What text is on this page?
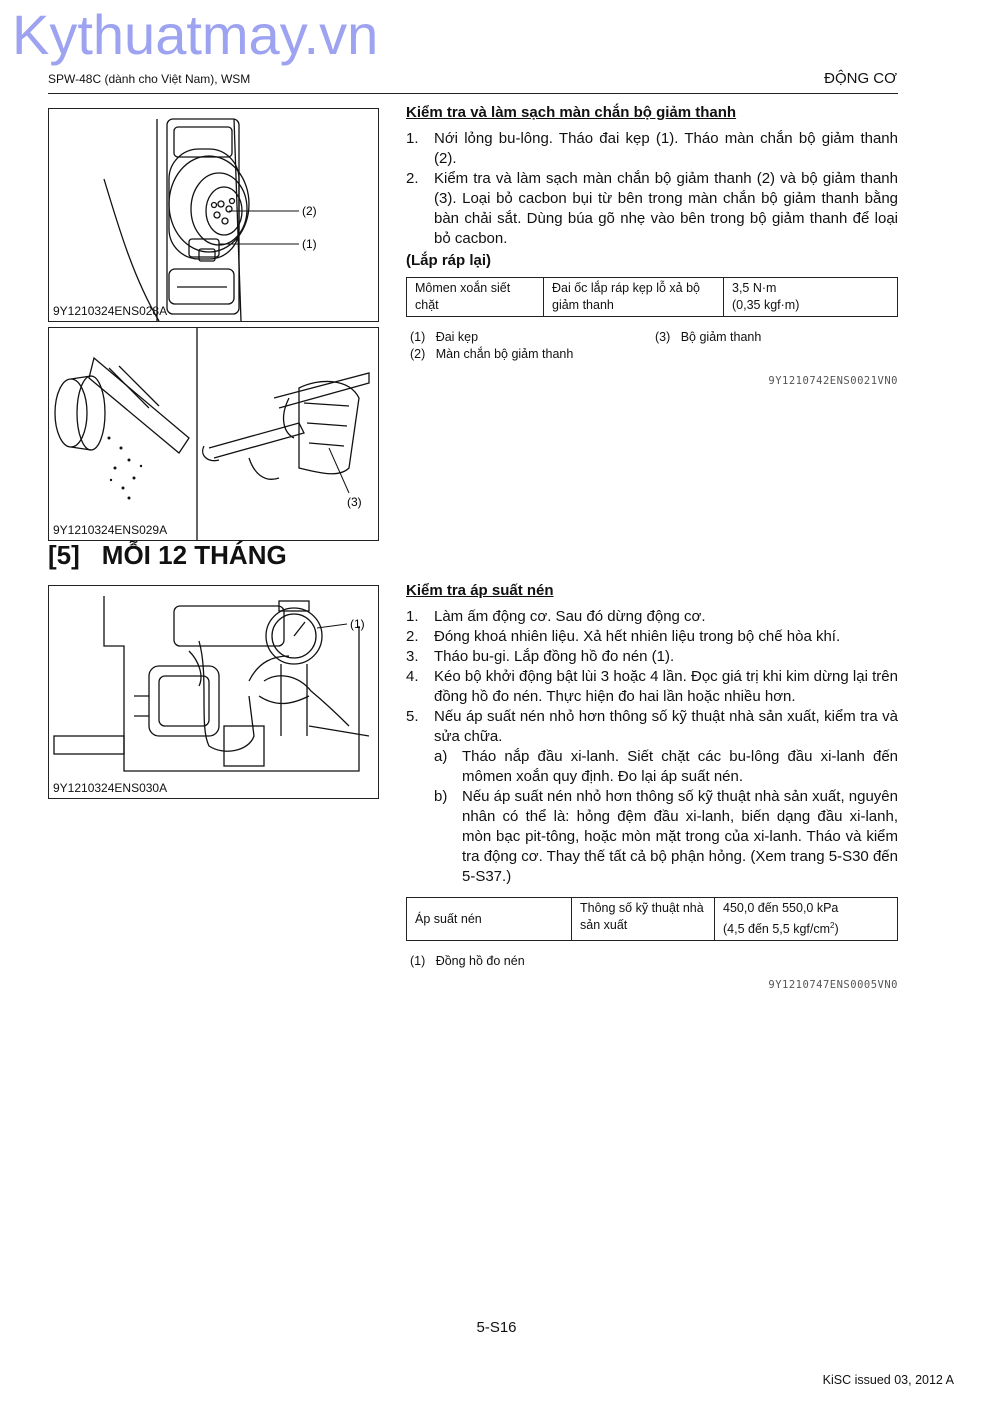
Kythuatmay.vn
SPW-48C (dành cho Việt Nam), WSM	ĐỘNG CƠ
(2)
(1)
9Y1210324ENS028A
(3)
9Y1210324ENS029A
Kiểm tra và làm sạch màn chắn bộ giảm thanh
1. Nới lỏng bu-lông. Tháo đai kẹp (1). Tháo màn chắn bộ giảm thanh (2).
2. Kiểm tra và làm sạch màn chắn bộ giảm thanh (2) và bộ giảm thanh (3). Loại bỏ cacbon bụi từ bên trong màn chắn bộ giảm thanh bằng bàn chải sắt. Dùng búa gõ nhẹ vào bên trong bộ giảm thanh để loại bỏ cacbon.
(Lắp ráp lại)
Mômen xoắn siết chặt	Đai ốc lắp ráp kẹp lỗ xả bộ giảm thanh	3,5 N·m
(0,35 kgf·m)
(1) Đai kẹp
(2) Màn chắn bộ giảm thanh
(3) Bộ giảm thanh
9Y1210742ENS0021VN0
[5] MỖI 12 THÁNG
(1)
9Y1210324ENS030A
Kiểm tra áp suất nén
1. Làm ấm động cơ. Sau đó dừng động cơ.
2. Đóng khoá nhiên liệu. Xả hết nhiên liệu trong bộ chế hòa khí.
3. Tháo bu-gi. Lắp đồng hồ đo nén (1).
4. Kéo bộ khởi động bật lùi 3 hoặc 4 lần. Đọc giá trị khi kim dừng lại trên đồng hồ đo nén. Thực hiện đo hai lần hoặc nhiều hơn.
5. Nếu áp suất nén nhỏ hơn thông số kỹ thuật nhà sản xuất, kiểm tra và sửa chữa.
a) Tháo nắp đầu xi-lanh. Siết chặt các bu-lông đầu xi-lanh đến mômen xoắn quy định. Đo lại áp suất nén.
b) Nếu áp suất nén nhỏ hơn thông số kỹ thuật nhà sản xuất, nguyên nhân có thể là: hỏng đệm đầu xi-lanh, biến dạng đầu xi-lanh, mòn bạc pit-tông, hoặc mòn mặt trong của xi-lanh. Tháo và kiểm tra động cơ. Thay thế tất cả bộ phận hỏng. (Xem trang 5-S30 đến 5-S37.)
Áp suất nén	Thông số kỹ thuật nhà sản xuất	450,0 đến 550,0 kPa
(4,5 đến 5,5 kgf/$cm^2$)
(1) Đồng hồ đo nén
9Y1210747ENS0005VN0
5-S16
KiSC issued 03, 2012 A
